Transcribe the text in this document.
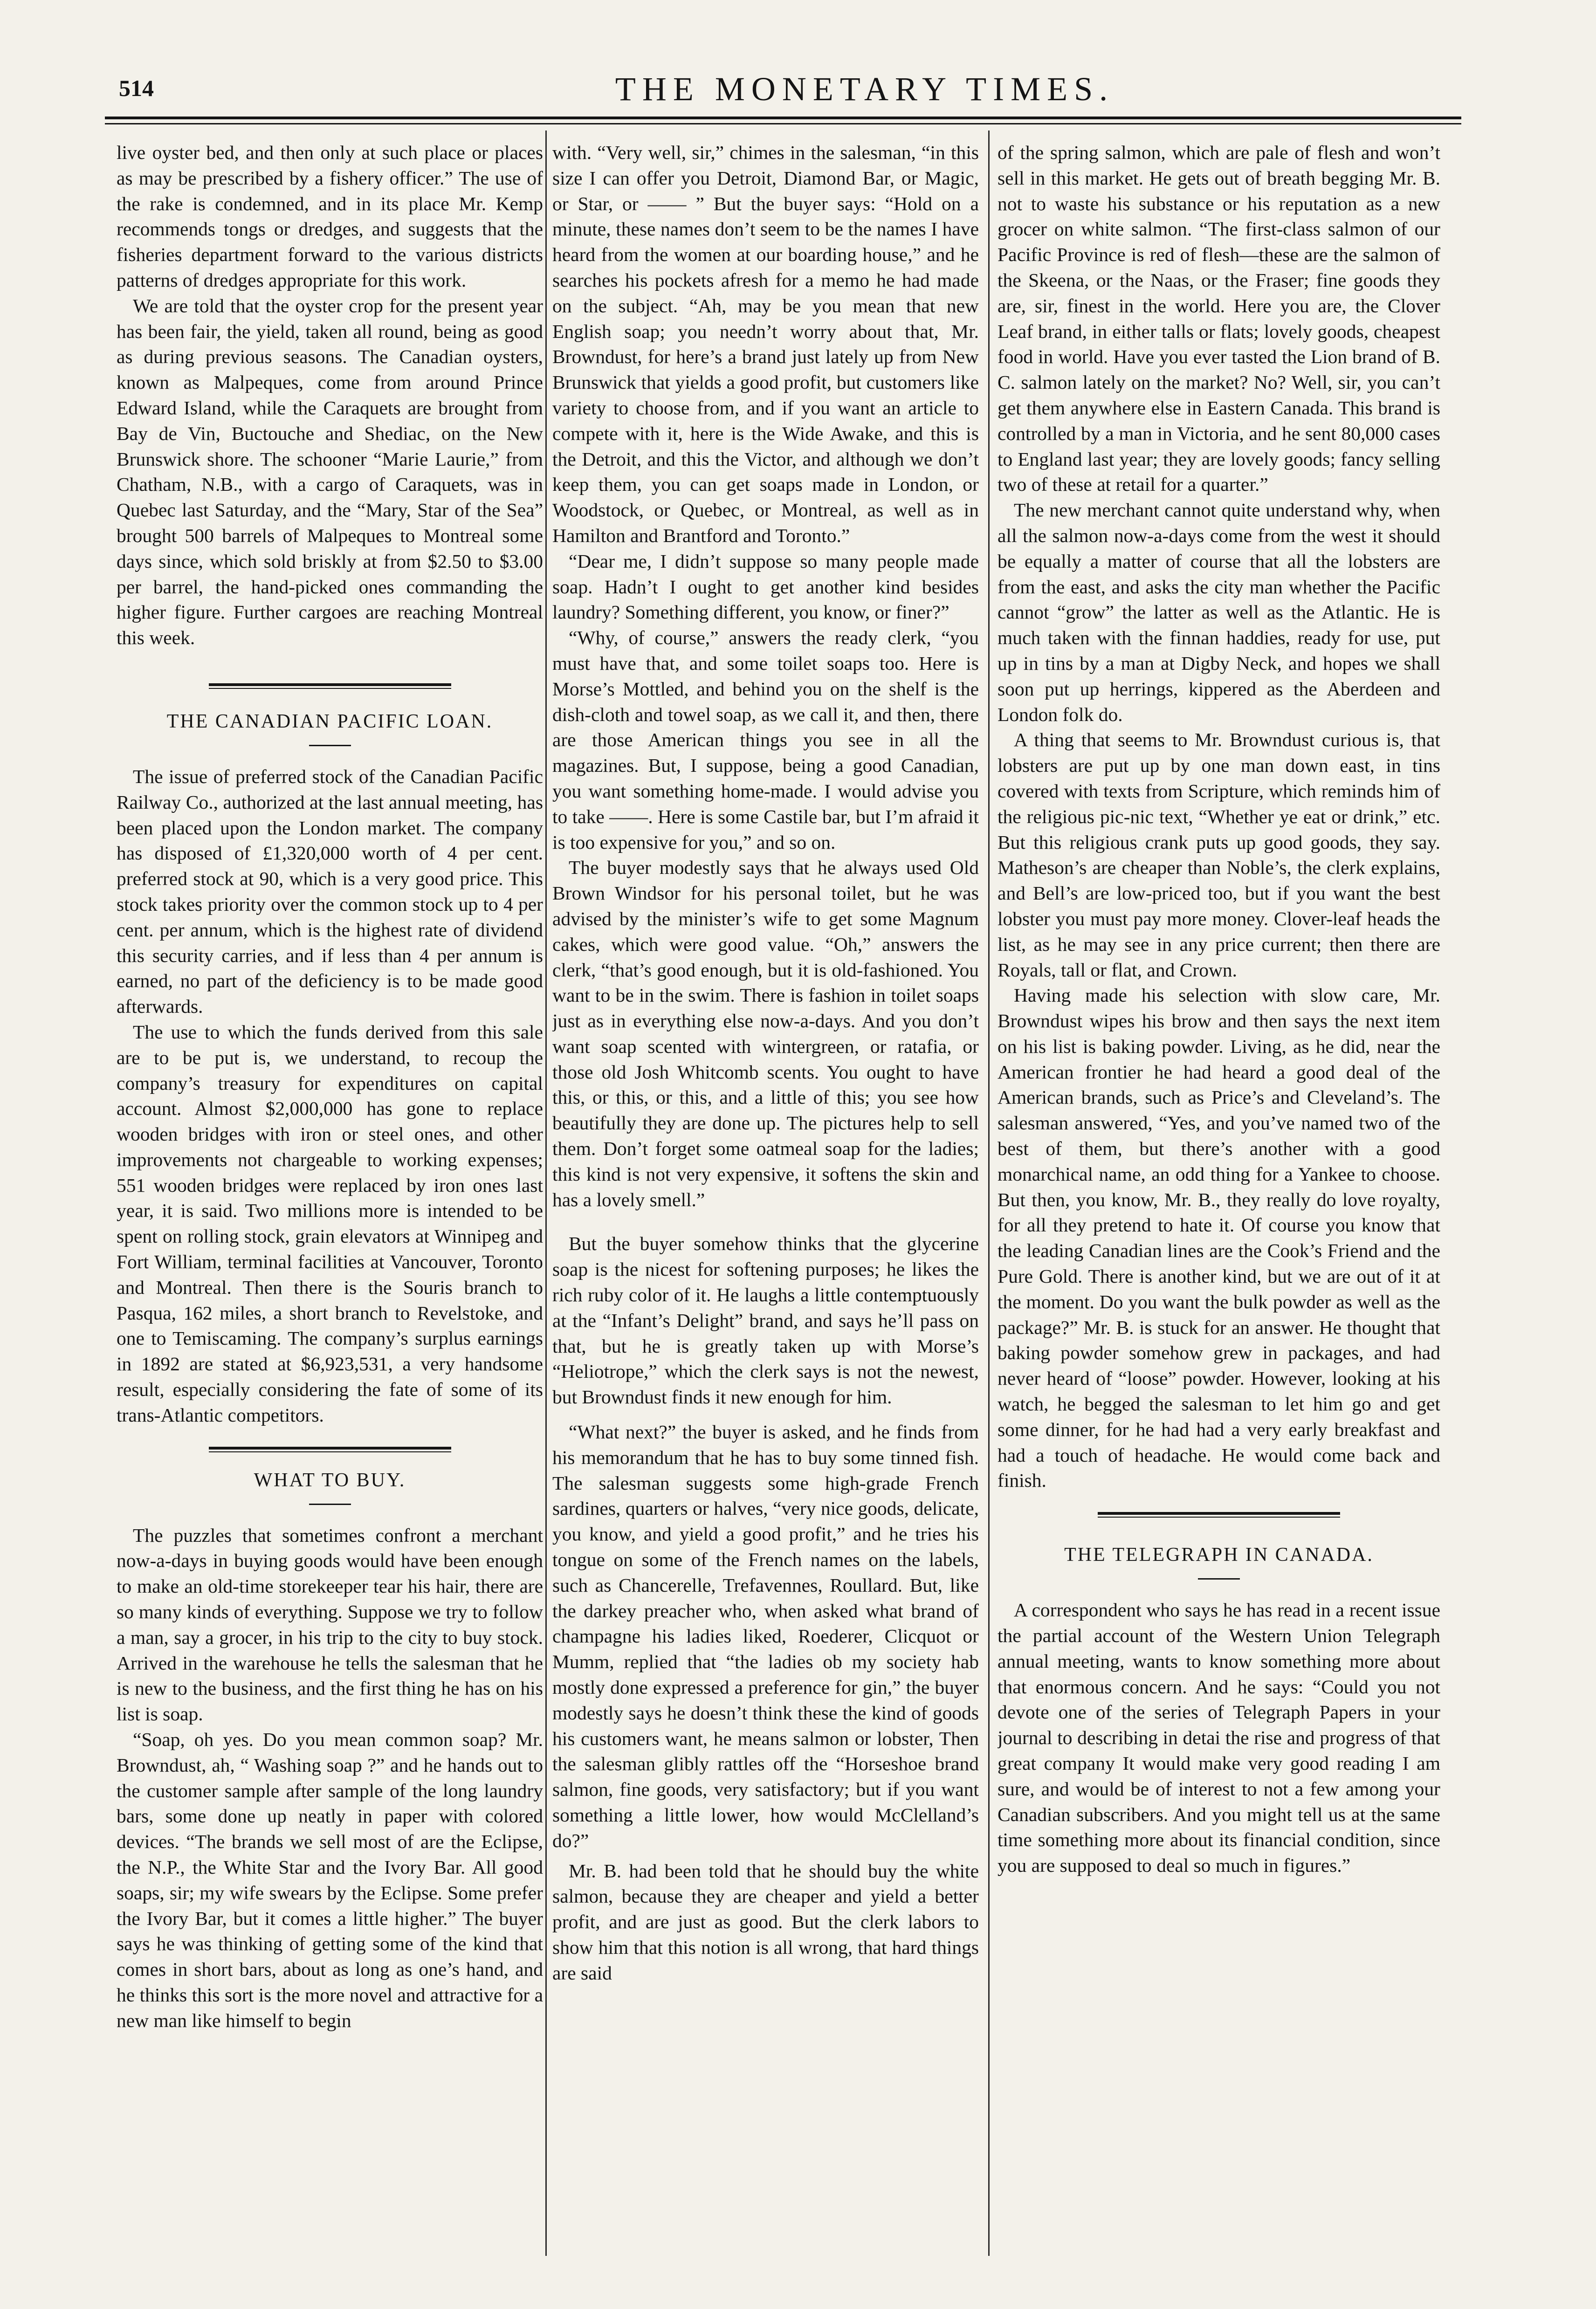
514	THE MONETARY TIMES.

live oyster bed, and then only at such place or places as may be prescribed by a fishery officer.” The use of the rake is condemned, and in its place Mr. Kemp recommends tongs or dredges, and suggests that the fisheries department forward to the various districts patterns of dredges appropriate for this work.

We are told that the oyster crop for the present year has been fair, the yield, taken all round, being as good as during previous seasons. The Canadian oysters, known as Malpeques, come from around Prince Edward Island, while the Caraquets are brought from Bay de Vin, Buctouche and Shediac, on the New Brunswick shore. The schooner “Marie Laurie,” from Chatham, N.B., with a cargo of Caraquets, was in Quebec last Saturday, and the “Mary, Star of the Sea” brought 500 barrels of Malpeques to Montreal some days since, which sold briskly at from $2.50 to $3.00 per barrel, the hand-picked ones commanding the higher figure. Further cargoes are reaching Montreal this week.

THE CANADIAN PACIFIC LOAN.

The issue of preferred stock of the Canadian Pacific Railway Co., authorized at the last annual meeting, has been placed upon the London market. The company has disposed of £1,320,000 worth of 4 per cent. preferred stock at 90, which is a very good price. This stock takes priority over the common stock up to 4 per cent. per annum, which is the highest rate of dividend this security carries, and if less than 4 per annum is earned, no part of the deficiency is to be made good afterwards.

The use to which the funds derived from this sale are to be put is, we understand, to recoup the company’s treasury for expenditures on capital account. Almost $2,000,000 has gone to replace wooden bridges with iron or steel ones, and other improvements not chargeable to working expenses; 551 wooden bridges were replaced by iron ones last year, it is said. Two millions more is intended to be spent on rolling stock, grain elevators at Winnipeg and Fort William, terminal facilities at Vancouver, Toronto and Montreal. Then there is the Souris branch to Pasqua, 162 miles, a short branch to Revelstoke, and one to Temiscaming. The company’s surplus earnings in 1892 are stated at $6,923,531, a very handsome result, especially considering the fate of some of its trans-Atlantic competitors.

WHAT TO BUY.

The puzzles that sometimes confront a merchant now-a-days in buying goods would have been enough to make an old-time storekeeper tear his hair, there are so many kinds of everything. Suppose we try to follow a man, say a grocer, in his trip to the city to buy stock. Arrived in the warehouse he tells the salesman that he is new to the business, and the first thing he has on his list is soap.

“Soap, oh yes. Do you mean common soap? Mr. Browndust, ah, “ Washing soap ?” and he hands out to the customer sample after sample of the long laundry bars, some done up neatly in paper with colored devices. “The brands we sell most of are the Eclipse, the N.P., the White Star and the Ivory Bar. All good soaps, sir; my wife swears by the Eclipse. Some prefer the Ivory Bar, but it comes a little higher.” The buyer says he was thinking of getting some of the kind that comes in short bars, about as long as one’s hand, and he thinks this sort is the more novel and attractive for a new man like himself to begin

with. “Very well, sir,” chimes in the salesman, “in this size I can offer you Detroit, Diamond Bar, or Magic, or Star, or —— ” But the buyer says: “Hold on a minute, these names don’t seem to be the names I have heard from the women at our boarding house,” and he searches his pockets afresh for a memo he had made on the subject. “Ah, may be you mean that new English soap; you needn’t worry about that, Mr. Browndust, for here’s a brand just lately up from New Brunswick that yields a good profit, but customers like variety to choose from, and if you want an article to compete with it, here is the Wide Awake, and this is the Detroit, and this the Victor, and although we don’t keep them, you can get soaps made in London, or Woodstock, or Quebec, or Montreal, as well as in Hamilton and Brantford and Toronto.”

“Dear me, I didn’t suppose so many people made soap. Hadn’t I ought to get another kind besides laundry? Something different, you know, or finer?”

“Why, of course,” answers the ready clerk, “you must have that, and some toilet soaps too. Here is Morse’s Mottled, and behind you on the shelf is the dish-cloth and towel soap, as we call it, and then, there are those American things you see in all the magazines. But, I suppose, being a good Canadian, you want something home-made. I would advise you to take ——. Here is some Castile bar, but I’m afraid it is too expensive for you,” and so on.

The buyer modestly says that he always used Old Brown Windsor for his personal toilet, but he was advised by the minister’s wife to get some Magnum cakes, which were good value. “Oh,” answers the clerk, “that’s good enough, but it is old-fashioned. You want to be in the swim. There is fashion in toilet soaps just as in everything else now-a-days. And you don’t want soap scented with wintergreen, or ratafia, or those old Josh Whitcomb scents. You ought to have this, or this, or this, and a little of this; you see how beautifully they are done up. The pictures help to sell them. Don’t forget some oatmeal soap for the ladies; this kind is not very expensive, it softens the skin and has a lovely smell.”

But the buyer somehow thinks that the glycerine soap is the nicest for softening purposes; he likes the rich ruby color of it. He laughs a little contemptuously at the “Infant’s Delight” brand, and says he’ll pass on that, but he is greatly taken up with Morse’s “Heliotrope,” which the clerk says is not the newest, but Browndust finds it new enough for him.

“What next?” the buyer is asked, and he finds from his memorandum that he has to buy some tinned fish. The salesman suggests some high-grade French sardines, quarters or halves, “very nice goods, delicate, you know, and yield a good profit,” and he tries his tongue on some of the French names on the labels, such as Chancerelle, Trefavennes, Roullard. But, like the darkey preacher who, when asked what brand of champagne his ladies liked, Roederer, Clicquot or Mumm, replied that “the ladies ob my society hab mostly done expressed a preference for gin,” the buyer modestly says he doesn’t think these the kind of goods his customers want, he means salmon or lobster, Then the salesman glibly rattles off the “Horseshoe brand salmon, fine goods, very satisfactory; but if you want something a little lower, how would McClelland’s do?”

Mr. B. had been told that he should buy the white salmon, because they are cheaper and yield a better profit, and are just as good. But the clerk labors to show him that this notion is all wrong, that hard things are said

of the spring salmon, which are pale of flesh and won’t sell in this market. He gets out of breath begging Mr. B. not to waste his substance or his reputation as a new grocer on white salmon. “The first-class salmon of our Pacific Province is red of flesh—these are the salmon of the Skeena, or the Naas, or the Fraser; fine goods they are, sir, finest in the world. Here you are, the Clover Leaf brand, in either talls or flats; lovely goods, cheapest food in world. Have you ever tasted the Lion brand of B. C. salmon lately on the market? No? Well, sir, you can’t get them anywhere else in Eastern Canada. This brand is controlled by a man in Victoria, and he sent 80,000 cases to England last year; they are lovely goods; fancy selling two of these at retail for a quarter.”

The new merchant cannot quite understand why, when all the salmon now-a-days come from the west it should be equally a matter of course that all the lobsters are from the east, and asks the city man whether the Pacific cannot “grow” the latter as well as the Atlantic. He is much taken with the finnan haddies, ready for use, put up in tins by a man at Digby Neck, and hopes we shall soon put up herrings, kippered as the Aberdeen and London folk do.

A thing that seems to Mr. Browndust curious is, that lobsters are put up by one man down east, in tins covered with texts from Scripture, which reminds him of the religious pic-nic text, “Whether ye eat or drink,” etc. But this religious crank puts up good goods, they say. Matheson’s are cheaper than Noble’s, the clerk explains, and Bell’s are low-priced too, but if you want the best lobster you must pay more money. Clover-leaf heads the list, as he may see in any price current; then there are Royals, tall or flat, and Crown.

Having made his selection with slow care, Mr. Browndust wipes his brow and then says the next item on his list is baking powder. Living, as he did, near the American frontier he had heard a good deal of the American brands, such as Price’s and Cleveland’s. The salesman answered, “Yes, and you’ve named two of the best of them, but there’s another with a good monarchical name, an odd thing for a Yankee to choose. But then, you know, Mr. B., they really do love royalty, for all they pretend to hate it. Of course you know that the leading Canadian lines are the Cook’s Friend and the Pure Gold. There is another kind, but we are out of it at the moment. Do you want the bulk powder as well as the package?” Mr. B. is stuck for an answer. He thought that baking powder somehow grew in packages, and had never heard of “loose” powder. However, looking at his watch, he begged the salesman to let him go and get some dinner, for he had had a very early breakfast and had a touch of headache. He would come back and finish.

THE TELEGRAPH IN CANADA.

A correspondent who says he has read in a recent issue the partial account of the Western Union Telegraph annual meeting, wants to know something more about that enormous concern. And he says: “Could you not devote one of the series of Telegraph Papers in your journal to describing in detai the rise and progress of that great company It would make very good reading I am sure, and would be of interest to not a few among your Canadian subscribers. And you might tell us at the same time something more about its financial condition, since you are supposed to deal so much in figures.”
